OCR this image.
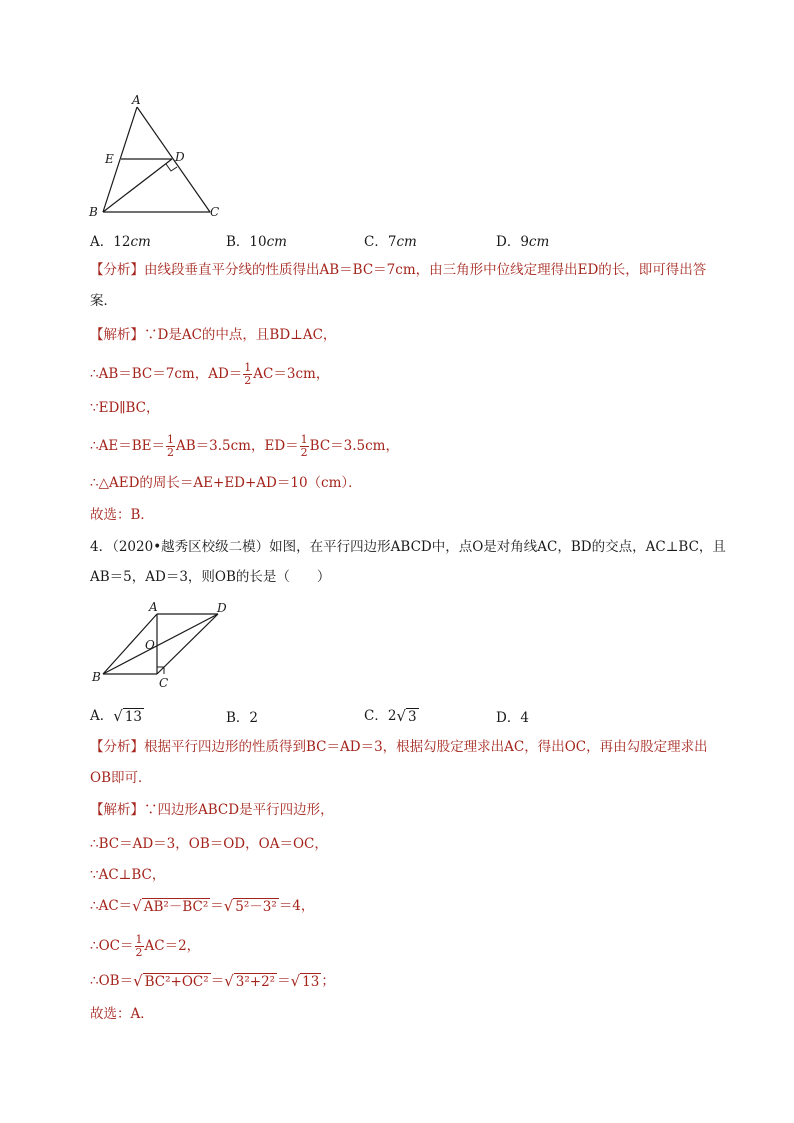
A
E	D
B	C
A．12cm	B．10cm	C．7cm	D．9cm
【分析】由线段垂直平分线的性质得出AB＝BC＝7cm，由三角形中位线定理得出ED的长，即可得出答
案．
【解析】∵D是AC的中点，且BD⊥AC，
∴AB＝BC＝7cm，$AD= \frac{1}{2} AC=3cm$，
∵ED∥BC，
∴AE＝BE＝ $\frac{1}{2} AB=3.5cm$，$ED= \frac{1}{2} BC=3.5cm$，
∴△AED的周长＝AE+ED+AD＝10（cm）．
故选：B．
4．（2020•越秀区校级二模）如图，在平行四边形ABCD中，点O是对角线AC，BD的交点，AC⊥BC，且
AB＝5，AD＝3，则OB的长是（　　）
A	D
O
B	C
A． √ 13	B．2	C．2 √ 3	D．4
【分析】根据平行四边形的性质得到BC＝AD＝3，根据勾股定理求出AC，得出OC，再由勾股定理求出
OB即可．
【解析】∵四边形ABCD是平行四边形，
∴BC＝AD＝3，OB＝OD，OA＝OC，
∵AC⊥BC，
∴AC＝ √ AB²－BC² ＝ √ 5²－3² ＝4，
∴OC＝ $\frac{1}{2} AC=2$，
∴OB＝ √ BC²+OC² ＝ √ 3²+2² ＝ √ 13 ；
故选：A．
